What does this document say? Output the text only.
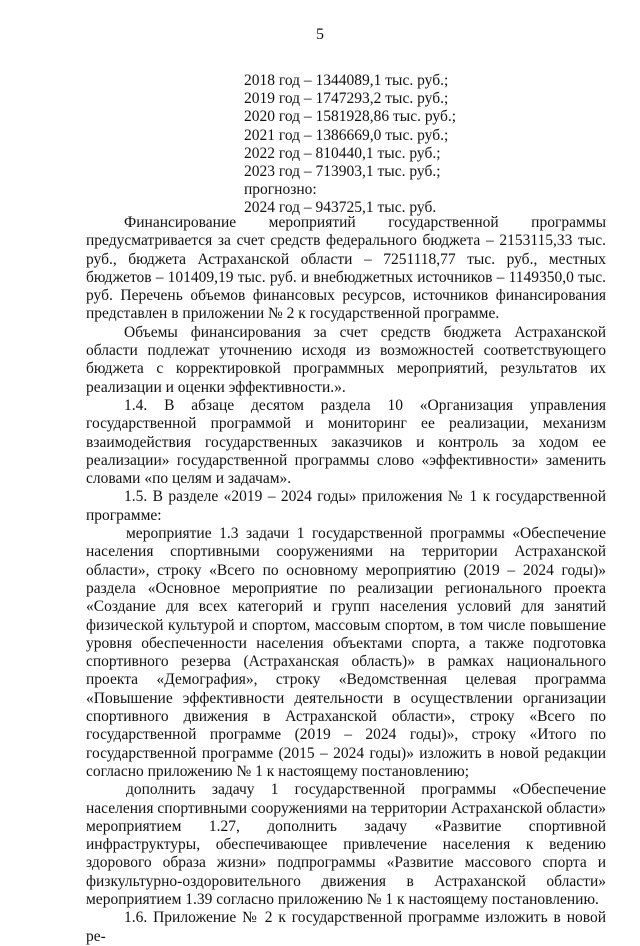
5
2018 год – 1344089,1 тыс. руб.;
2019 год – 1747293,2 тыс. руб.;
2020 год – 1581928,86 тыс. руб.;
2021 год – 1386669,0 тыс. руб.;
2022 год – 810440,1 тыс. руб.;
2023 год – 713903,1 тыс. руб.;
прогнозно:
2024 год – 943725,1 тыс. руб.

Финансирование мероприятий государственной программы предусматривается за счет средств федерального бюджета – 2153115,33 тыс. руб., бюджета Астраханской области – 7251118,77 тыс. руб., местных бюджетов – 101409,19 тыс. руб. и внебюджетных источников – 1149350,0 тыс. руб. Перечень объемов финансовых ресурсов, источников финансирования представлен в приложении № 2 к государственной программе.

Объемы финансирования за счет средств бюджета Астраханской области подлежат уточнению исходя из возможностей соответствующего бюджета с корректировкой программных мероприятий, результатов их реализации и оценки эффективности.».

1.4. В абзаце десятом раздела 10 «Организация управления государственной программой и мониторинг ее реализации, механизм взаимодействия государственных заказчиков и контроль за ходом ее реализации» государственной программы слово «эффективности» заменить словами «по целям и задачам».

1.5. В разделе «2019 – 2024 годы» приложения № 1 к государственной программе:

мероприятие 1.3 задачи 1 государственной программы «Обеспечение населения спортивными сооружениями на территории Астраханской области», строку «Всего по основному мероприятию (2019 – 2024 годы)» раздела «Основное мероприятие по реализации регионального проекта «Создание для всех категорий и групп населения условий для занятий физической культурой и спортом, массовым спортом, в том числе повышение уровня обеспеченности населения объектами спорта, а также подготовка спортивного резерва (Астраханская область)» в рамках национального проекта «Демография», строку «Ведомственная целевая программа «Повышение эффективности деятельности в осуществлении организации спортивного движения в Астраханской области», строку «Всего по государственной программе (2019 – 2024 годы)», строку «Итого по государственной программе (2015 – 2024 годы)» изложить в новой редакции согласно приложению № 1 к настоящему постановлению;

дополнить задачу 1 государственной программы «Обеспечение населения спортивными сооружениями на территории Астраханской области» мероприятием 1.27, дополнить задачу «Развитие спортивной инфраструктуры, обеспечивающее привлечение населения к ведению здорового образа жизни» подпрограммы «Развитие массового спорта и физкультурно-оздоровительного движения в Астраханской области» мероприятием 1.39 согласно приложению № 1 к настоящему постановлению.

1.6. Приложение № 2 к государственной программе изложить в новой ре-
